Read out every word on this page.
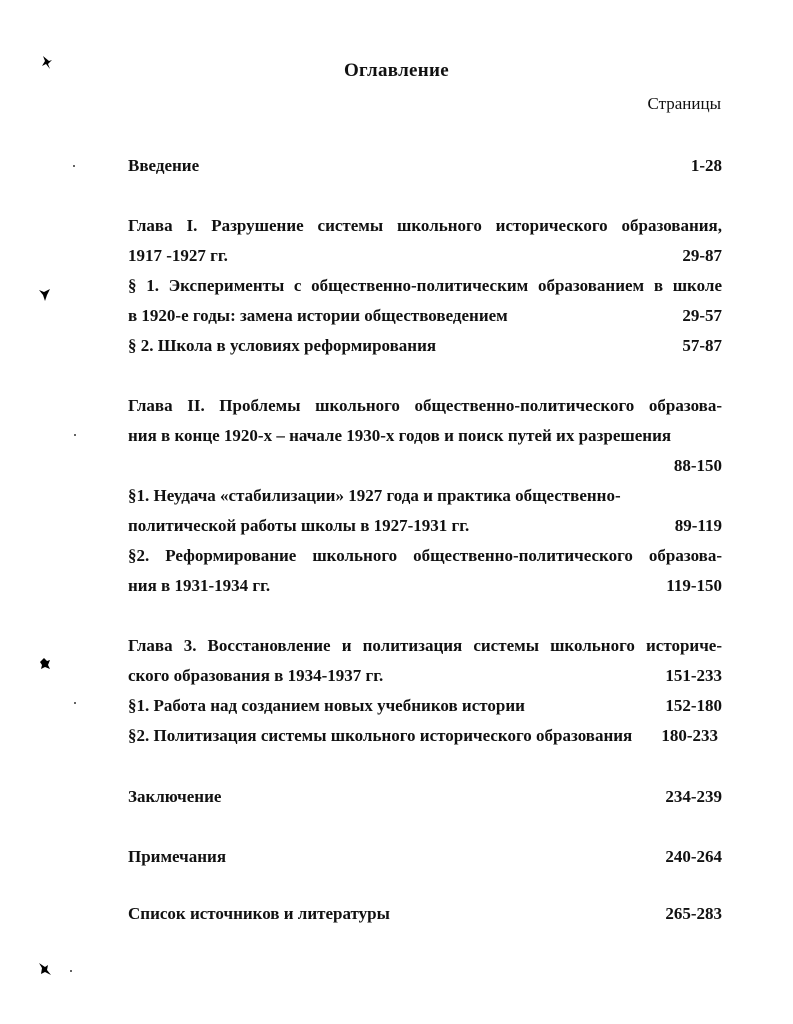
Оглавление
Страницы
Введение	1-28
Глава I. Разрушение системы школьного исторического образования,
1917 -1927 гг.	29-87
§ 1. Эксперименты с общественно-политическим образованием в школе
в 1920-е годы: замена истории обществоведением	29-57
§ 2. Школа в условиях реформирования	57-87
Глава II. Проблемы школьного общественно-политического образова-
ния в конце 1920-х – начале 1930-х годов и поиск путей их разрешения
88-150
§1. Неудача «стабилизации» 1927 года и практика общественно-
политической работы школы в 1927-1931 гг.	89-119
§2. Реформирование школьного общественно-политического образова-
ния в 1931-1934 гг.	119-150
Глава 3. Восстановление и политизация системы школьного историче-
ского образования в 1934-1937 гг.	151-233
§1. Работа над созданием новых учебников истории	152-180
§2. Политизация системы школьного исторического образования 180-233
Заключение	234-239
Примечания	240-264
Список источников и литературы	265-283
